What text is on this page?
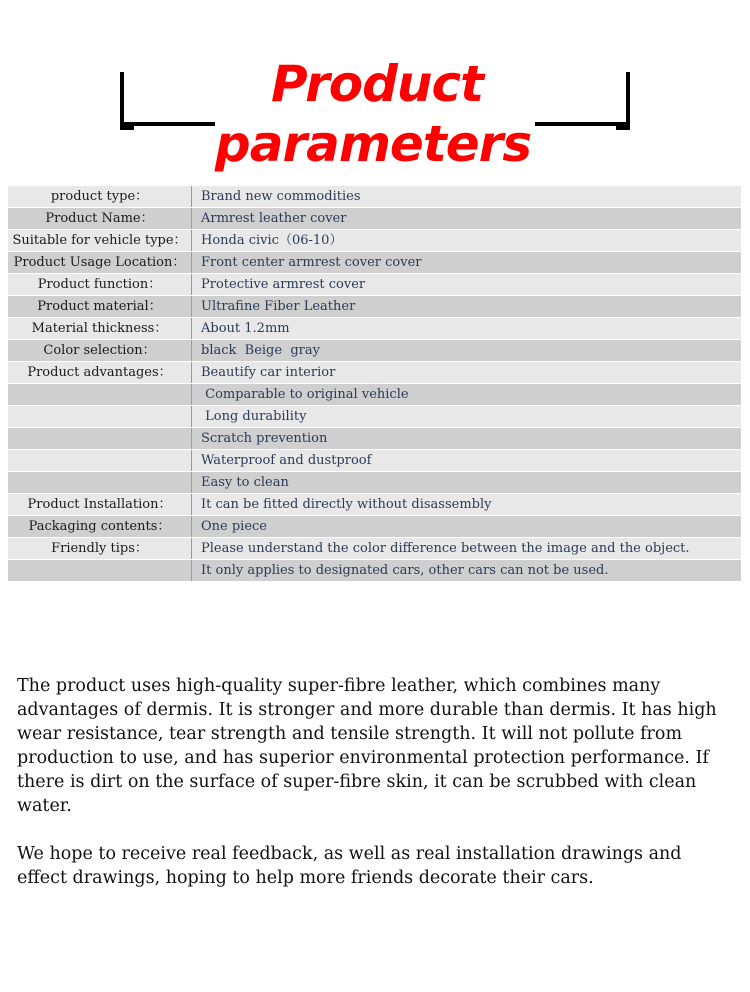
Product parameters
product type：	Brand new commodities
Product Name：	Armrest leather cover
Suitable for vehicle type：	Honda civic（06-10）
Product Usage Location：	Front center armrest cover cover
Product function：	Protective armrest cover
Product material：	Ultrafine Fiber Leather
Material thickness：	About 1.2mm
Color selection：	black  Beige  gray
Product advantages：	Beautify car interior
	Comparable to original vehicle
	Long durability
	Scratch prevention
	Waterproof and dustproof
	Easy to clean
Product Installation：	It can be fitted directly without disassembly
Packaging contents：	One piece
Friendly tips：	Please understand the color difference between the image and the object.
	It only applies to designated cars, other cars can not be used.

The product uses high-quality super-fibre leather, which combines many advantages of dermis. It is stronger and more durable than dermis. It has high wear resistance, tear strength and tensile strength. It will not pollute from production to use, and has superior environmental protection performance. If there is dirt on the surface of super-fibre skin, it can be scrubbed with clean water.

We hope to receive real feedback, as well as real installation drawings and effect drawings, hoping to help more friends decorate their cars.
